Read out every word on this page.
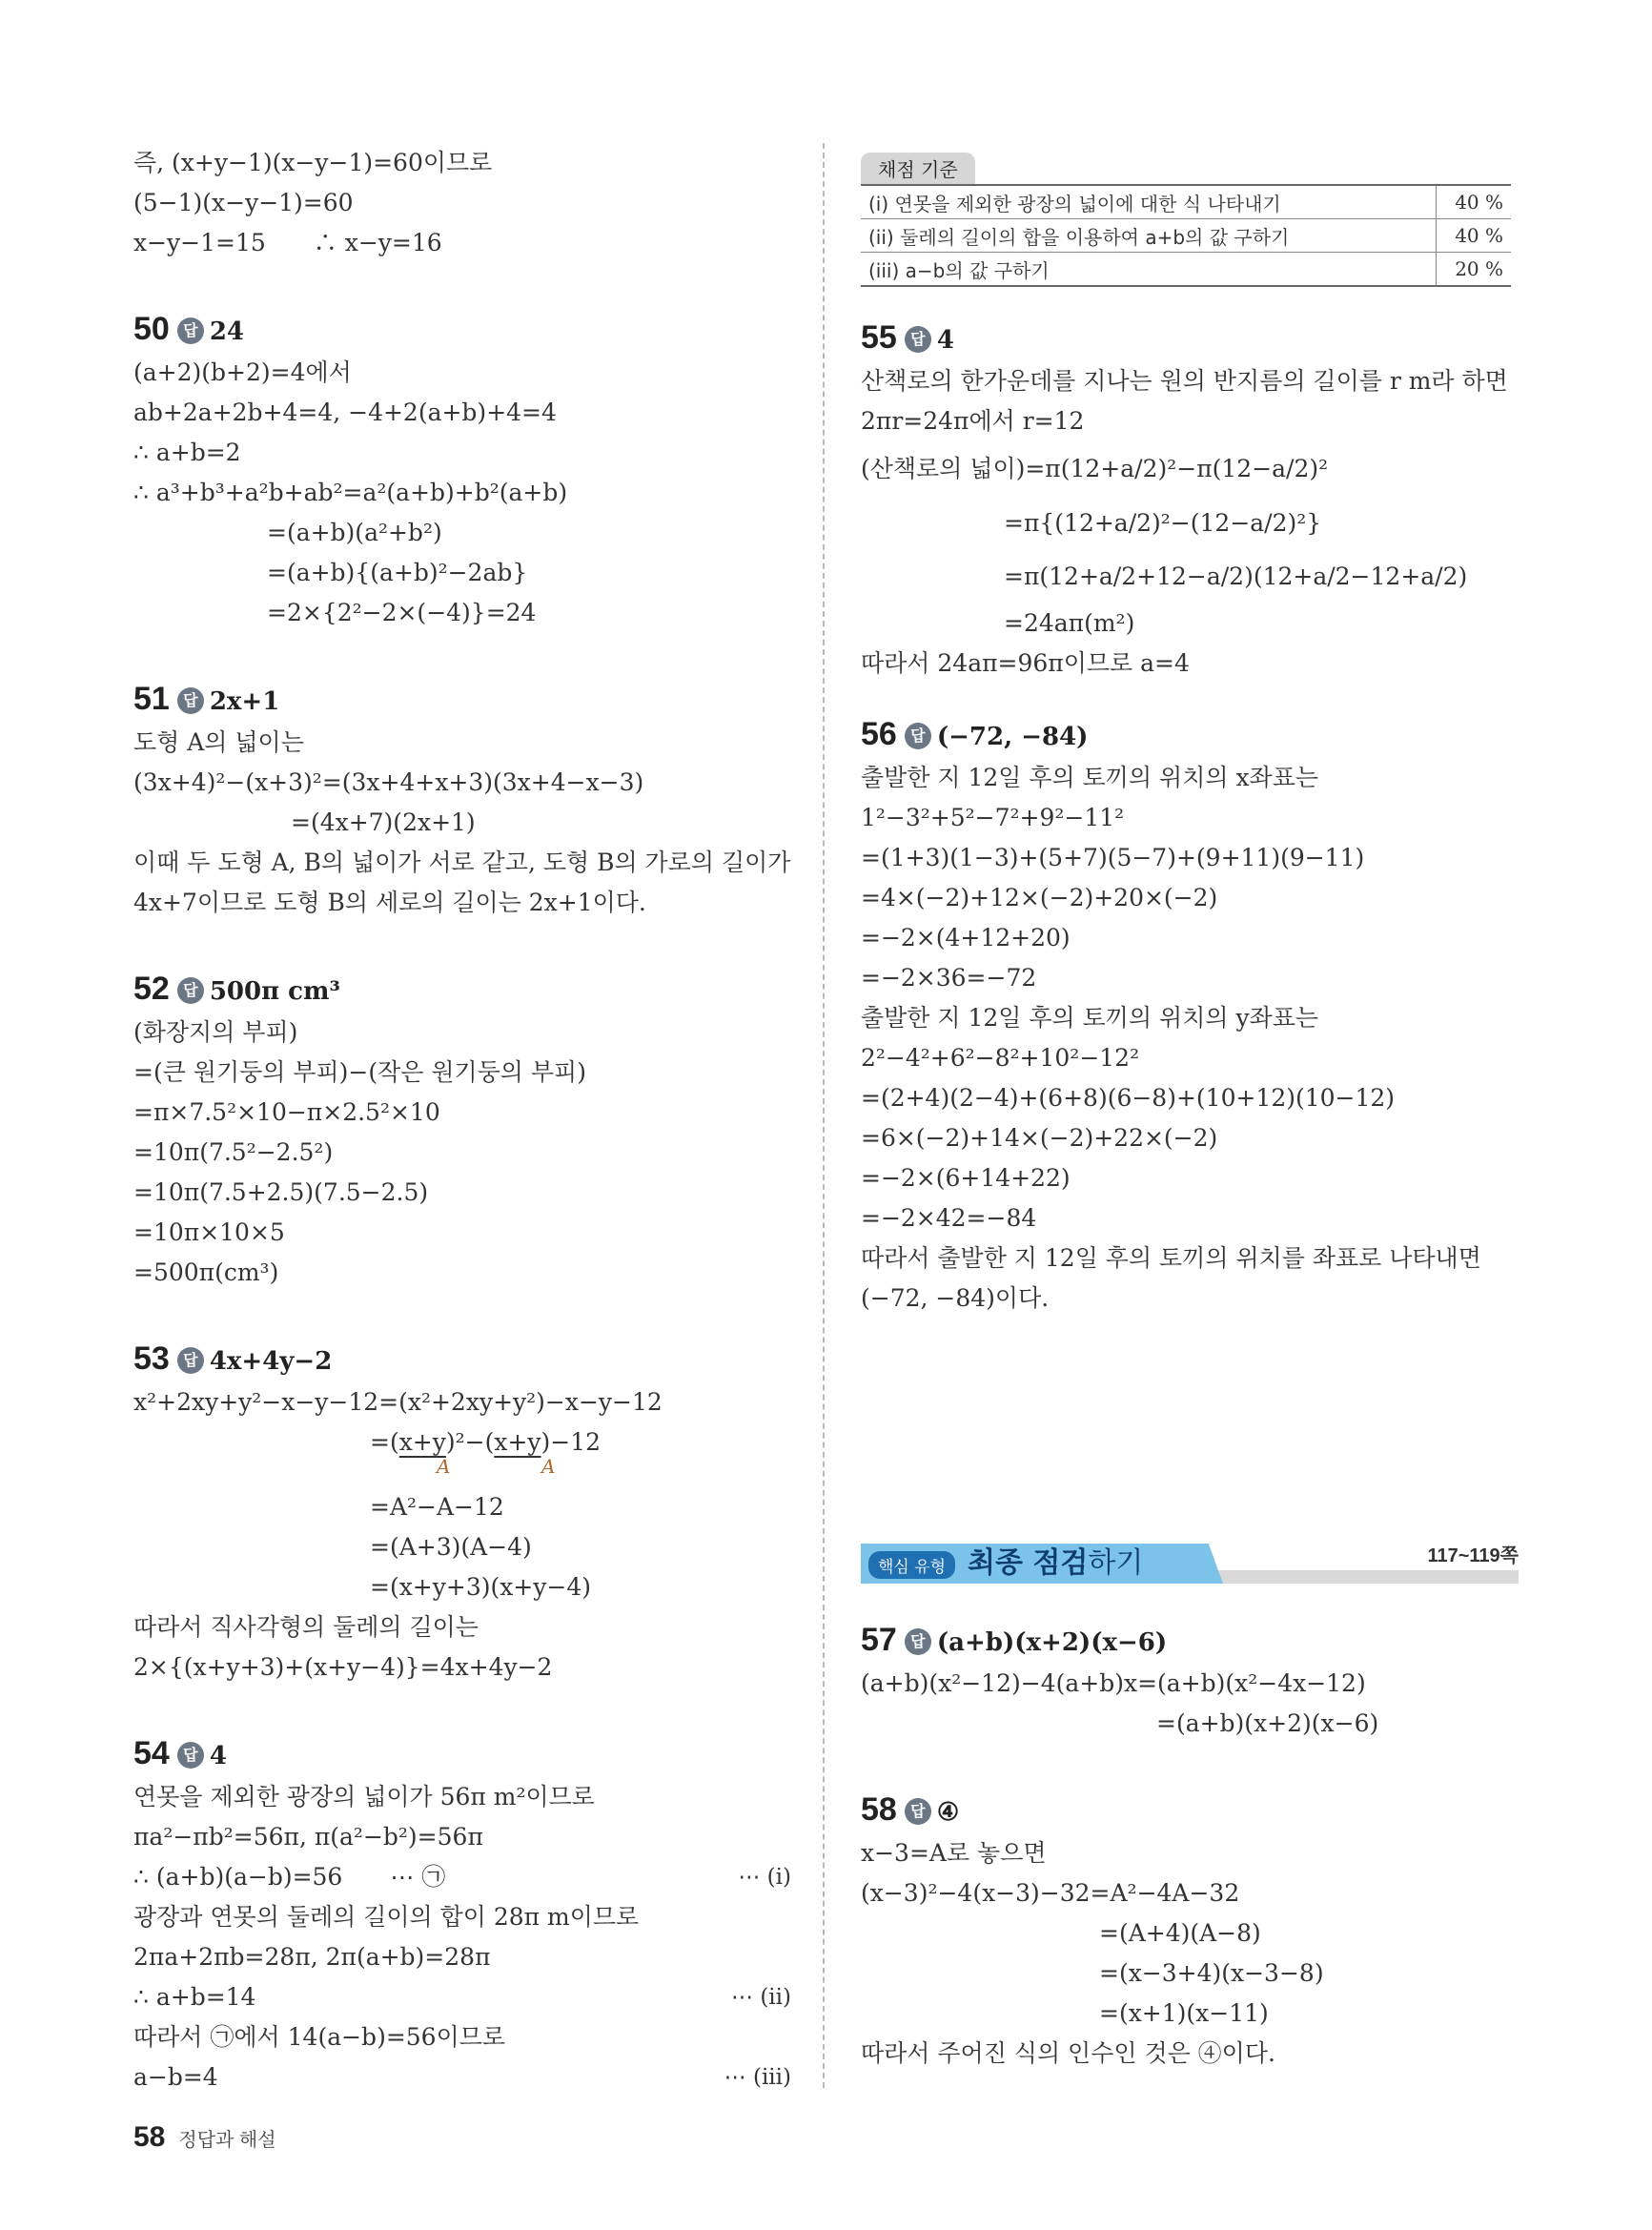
즉, (x+y−1)(x−y−1)=60이므로
(5−1)(x−y−1)=60
x−y−1=15　　∴ x−y=16
50 답 24
(a+2)(b+2)=4에서
ab+2a+2b+4=4, −4+2(a+b)+4=4
∴ a+b=2
∴ a³+b³+a²b+ab²=a²(a+b)+b²(a+b)
=(a+b)(a²+b²)
=(a+b){(a+b)²−2ab}
=2×{2²−2×(−4)}=24
51 답 2x+1
도형 A의 넓이는
(3x+4)²−(x+3)²=(3x+4+x+3)(3x+4−x−3)
=(4x+7)(2x+1)
이때 두 도형 A, B의 넓이가 서로 같고, 도형 B의 가로의 길이가
4x+7이므로 도형 B의 세로의 길이는 2x+1이다.
52 답 500π cm³
(화장지의 부피)
=(큰 원기둥의 부피)−(작은 원기둥의 부피)
=π×7.5²×10−π×2.5²×10
=10π(7.5²−2.5²)
=10π(7.5+2.5)(7.5−2.5)
=10π×10×5
=500π(cm³)
53 답 4x+4y−2
x²+2xy+y²−x−y−12=(x²+2xy+y²)−x−y−12
=(x+y)²−(x+y)−12
A	A
=A²−A−12
=(A+3)(A−4)
=(x+y+3)(x+y−4)
따라서 직사각형의 둘레의 길이는
2×{(x+y+3)+(x+y−4)}=4x+4y−2
54 답 4
연못을 제외한 광장의 넓이가 56π m²이므로
πa²−πb²=56π, π(a²−b²)=56π
∴ (a+b)(a−b)=56　　⋯ ㉠	⋯ (i)
광장과 연못의 둘레의 길이의 합이 28π m이므로
2πa+2πb=28π, 2π(a+b)=28π
∴ a+b=14	⋯ (ii)
따라서 ㉠에서 14(a−b)=56이므로
a−b=4	⋯ (iii)
채점 기준
(i) 연못을 제외한 광장의 넓이에 대한 식 나타내기	40 %
(ii) 둘레의 길이의 합을 이용하여 a+b의 값 구하기	40 %
(iii) a−b의 값 구하기	20 %
55 답 4
산책로의 한가운데를 지나는 원의 반지름의 길이를 r m라 하면
2πr=24π에서 r=12
(산책로의 넓이)=π(12+a/2)²−π(12−a/2)²
=π{(12+a/2)²−(12−a/2)²}
=π(12+a/2+12−a/2)(12+a/2−12+a/2)
=24aπ(m²)
따라서 24aπ=96π이므로 a=4
56 답 (−72, −84)
출발한 지 12일 후의 토끼의 위치의 x좌표는
1²−3²+5²−7²+9²−11²
=(1+3)(1−3)+(5+7)(5−7)+(9+11)(9−11)
=4×(−2)+12×(−2)+20×(−2)
=−2×(4+12+20)
=−2×36=−72
출발한 지 12일 후의 토끼의 위치의 y좌표는
2²−4²+6²−8²+10²−12²
=(2+4)(2−4)+(6+8)(6−8)+(10+12)(10−12)
=6×(−2)+14×(−2)+22×(−2)
=−2×(6+14+22)
=−2×42=−84
따라서 출발한 지 12일 후의 토끼의 위치를 좌표로 나타내면
(−72, −84)이다.
핵심 유형 최종 점검하기	117~119쪽
57 답 (a+b)(x+2)(x−6)
(a+b)(x²−12)−4(a+b)x=(a+b)(x²−4x−12)
=(a+b)(x+2)(x−6)
58 답 ④
x−3=A로 놓으면
(x−3)²−4(x−3)−32=A²−4A−32
=(A+4)(A−8)
=(x−3+4)(x−3−8)
=(x+1)(x−11)
따라서 주어진 식의 인수인 것은 ④이다.
58 정답과 해설
